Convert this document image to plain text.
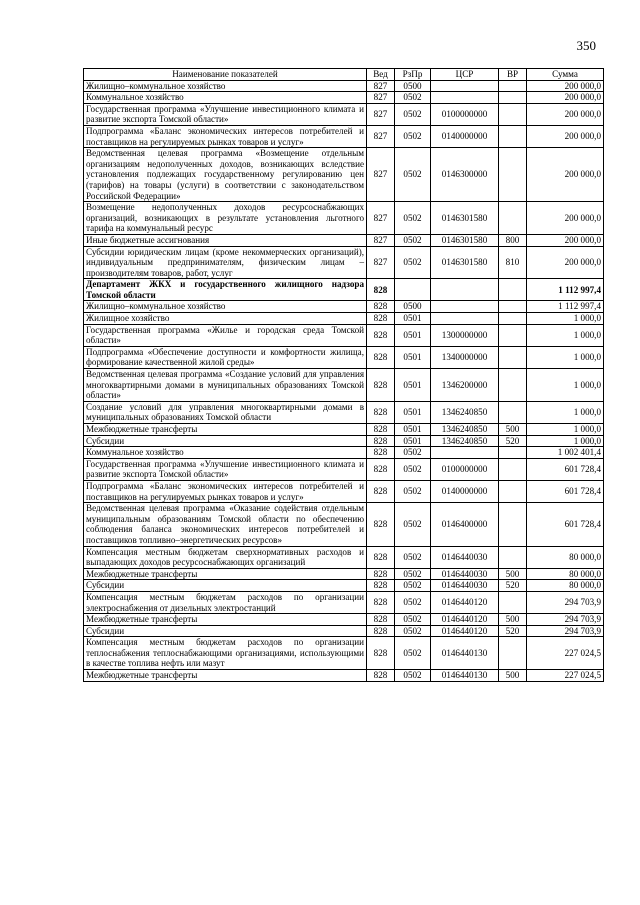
350
Наименование показателей	Вед	РзПр	ЦСР	ВР	Сумма
Жилищно–коммунальное хозяйство	827	0500			200 000,0
Коммунальное хозяйство	827	0502			200 000,0
Государственная программа «Улучшение инвестиционного климата и развитие экспорта Томской области»	827	0502	0100000000		200 000,0
Подпрограмма «Баланс экономических интересов потребителей и поставщиков на регулируемых рынках товаров и услуг»	827	0502	0140000000		200 000,0
Ведомственная целевая программа «Возмещение отдельным организациям недополученных доходов, возникающих вследствие установления подлежащих государственному регулированию цен (тарифов) на товары (услуги) в соответствии с законодательством Российской Федерации»	827	0502	0146300000		200 000,0
Возмещение недополученных доходов ресурсоснабжающих организаций, возникающих в результате установления льготного тарифа на коммунальный ресурс	827	0502	0146301580		200 000,0
Иные бюджетные ассигнования	827	0502	0146301580	800	200 000,0
Субсидии юридическим лицам (кроме некоммерческих организаций), индивидуальным предпринимателям, физическим лицам – производителям товаров, работ, услуг	827	0502	0146301580	810	200 000,0
Департамент ЖКХ и государственного жилищного надзора Томской области	828				1 112 997,4
Жилищно–коммунальное хозяйство	828	0500			1 112 997,4
Жилищное хозяйство	828	0501			1 000,0
Государственная программа «Жилье и городская среда Томской области»	828	0501	1300000000		1 000,0
Подпрограмма «Обеспечение доступности и комфортности жилища, формирование качественной жилой среды»	828	0501	1340000000		1 000,0
Ведомственная целевая программа «Создание условий для управления многоквартирными домами в муниципальных образованиях Томской области»	828	0501	1346200000		1 000,0
Создание условий для управления многоквартирными домами в муниципальных образованиях Томской области	828	0501	1346240850		1 000,0
Межбюджетные трансферты	828	0501	1346240850	500	1 000,0
Субсидии	828	0501	1346240850	520	1 000,0
Коммунальное хозяйство	828	0502			1 002 401,4
Государственная программа «Улучшение инвестиционного климата и развитие экспорта Томской области»	828	0502	0100000000		601 728,4
Подпрограмма «Баланс экономических интересов потребителей и поставщиков на регулируемых рынках товаров и услуг»	828	0502	0140000000		601 728,4
Ведомственная целевая программа «Оказание содействия отдельным муниципальным образованиям Томской области по обеспечению соблюдения баланса экономических интересов потребителей и поставщиков топливно–энергетических ресурсов»	828	0502	0146400000		601 728,4
Компенсация местным бюджетам сверхнормативных расходов и выпадающих доходов ресурсоснабжающих организаций	828	0502	0146440030		80 000,0
Межбюджетные трансферты	828	0502	0146440030	500	80 000,0
Субсидии	828	0502	0146440030	520	80 000,0
Компенсация местным бюджетам расходов по организации электроснабжения от дизельных электростанций	828	0502	0146440120		294 703,9
Межбюджетные трансферты	828	0502	0146440120	500	294 703,9
Субсидии	828	0502	0146440120	520	294 703,9
Компенсация местным бюджетам расходов по организации теплоснабжения теплоснабжающими организациями, использующими в качестве топлива нефть или мазут	828	0502	0146440130		227 024,5
Межбюджетные трансферты	828	0502	0146440130	500	227 024,5
